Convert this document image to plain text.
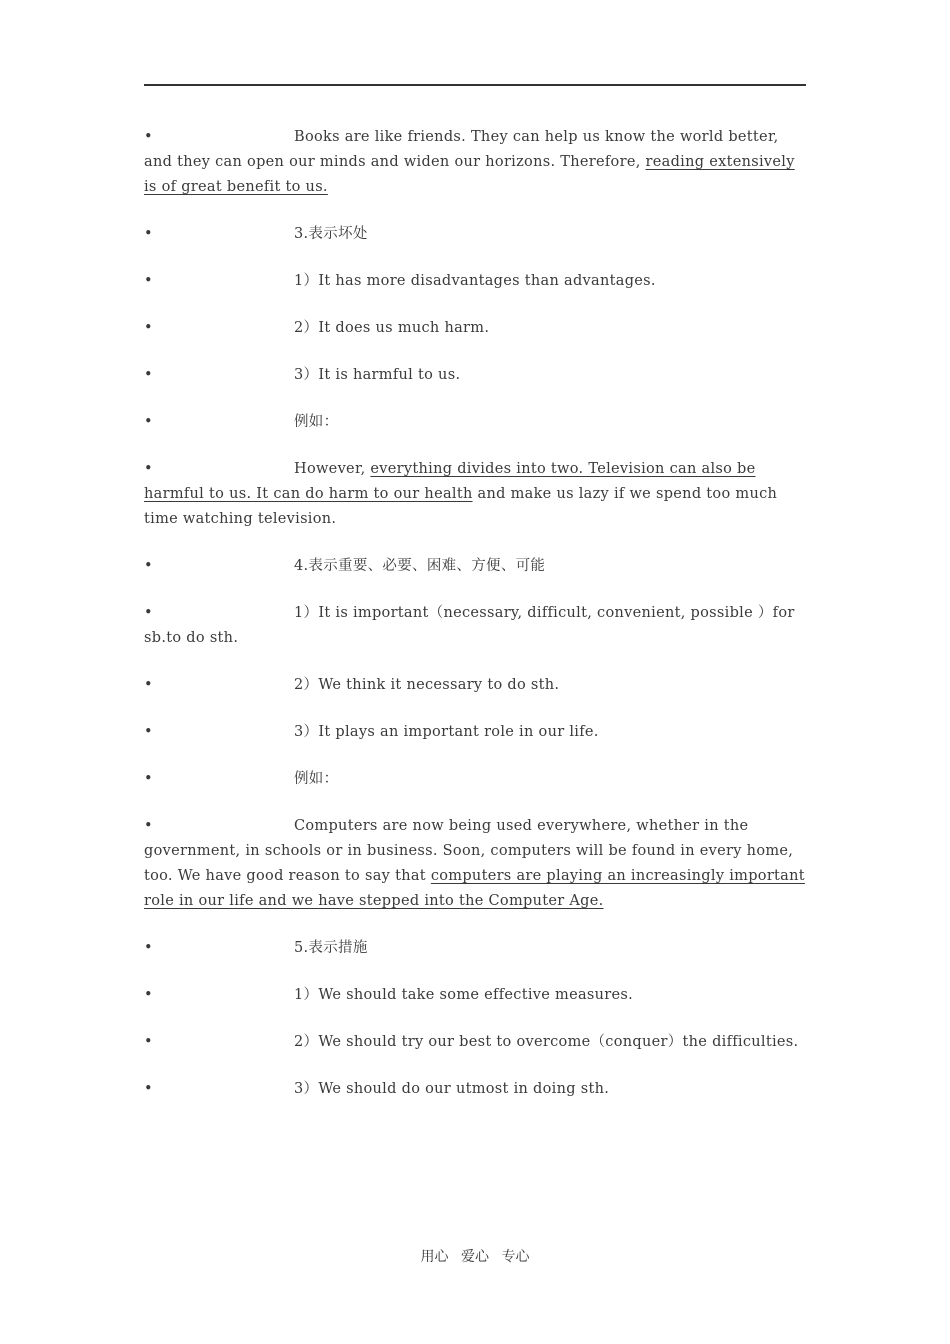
•	Books are like friends. They can help us know the world better, and they can open our minds and widen our horizons. Therefore, reading extensively is of great benefit to us.

•	3.表示坏处

•	1）It has more disadvantages than advantages.

•	2）It does us much harm.

•	3）It is harmful to us.

•	例如：

•	However, everything divides into two. Television can also be harmful to us. It can do harm to our health and make us lazy if we spend too much time watching television.

•	4.表示重要、必要、困难、方便、可能

•	1）It is important（necessary, difficult, convenient, possible ）for sb.to do sth.

•	2）We think it necessary to do sth.

•	3）It plays an important role in our life.

•	例如：

•	Computers are now being used everywhere, whether in the government, in schools or in business. Soon, computers will be found in every home, too. We have good reason to say that computers are playing an increasingly important role in our life and we have stepped into the Computer Age.

•	5.表示措施

•	1）We should take some effective measures.

•	2）We should try our best to overcome（conquer）the difficulties.

•	3）We should do our utmost in doing sth.

用心 爱心 专心
